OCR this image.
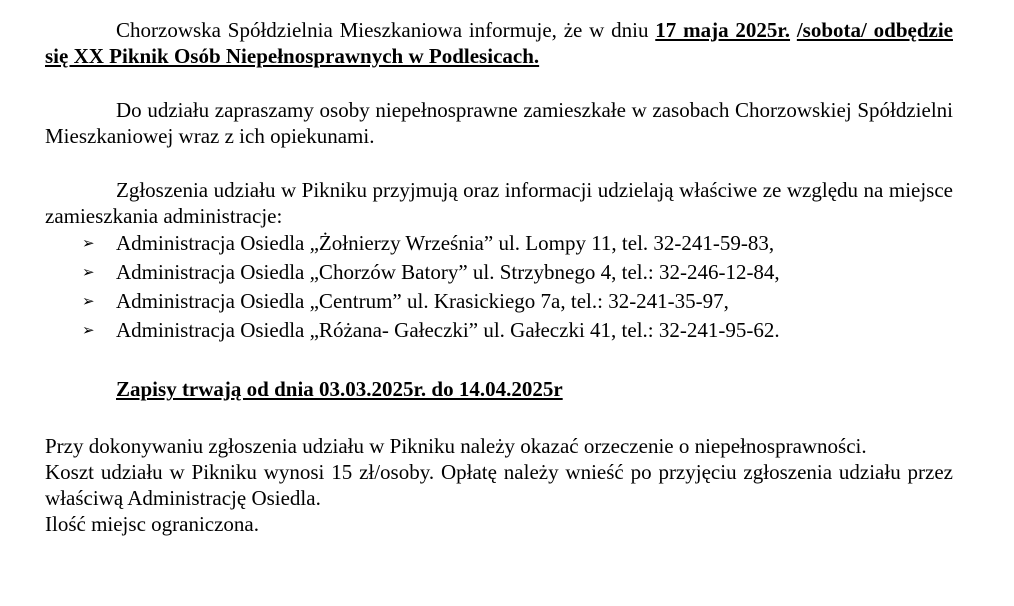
Chorzowska Spółdzielnia Mieszkaniowa informuje, że w dniu 17 maja 2025r. /sobota/ odbędzie się XX Piknik Osób Niepełnosprawnych w Podlesicach.

Do udziału zapraszamy osoby niepełnosprawne zamieszkałe w zasobach Chorzowskiej Spółdzielni Mieszkaniowej wraz z ich opiekunami.

Zgłoszenia udziału w Pikniku przyjmują oraz informacji udzielają właściwe ze względu na miejsce zamieszkania administracje:

➢ Administracja Osiedla „Żołnierzy Września” ul. Lompy 11, tel. 32-241-59-83,
➢ Administracja Osiedla „Chorzów Batory” ul. Strzybnego 4, tel.: 32-246-12-84,
➢ Administracja Osiedla „Centrum” ul. Krasickiego 7a, tel.: 32-241-35-97,
➢ Administracja Osiedla „Różana- Gałeczki” ul. Gałeczki 41, tel.: 32-241-95-62.

Zapisy trwają od dnia 03.03.2025r. do 14.04.2025r

Przy dokonywaniu zgłoszenia udziału w Pikniku należy okazać orzeczenie o niepełnosprawności.

Koszt udziału w Pikniku wynosi 15 zł/osoby. Opłatę należy wnieść po przyjęciu zgłoszenia udziału przez właściwą Administrację Osiedla.

Ilość miejsc ograniczona.
